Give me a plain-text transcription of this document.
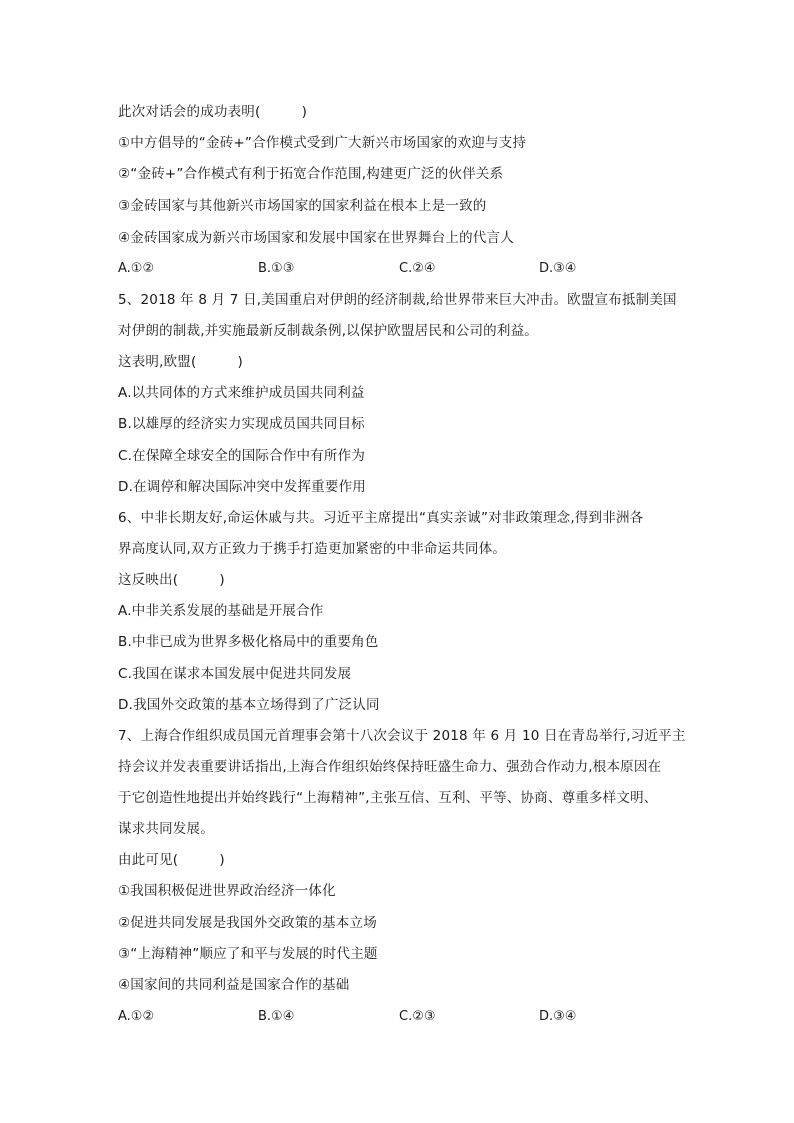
此次对话会的成功表明(　　　)
①中方倡导的“金砖+”合作模式受到广大新兴市场国家的欢迎与支持
②“金砖+”合作模式有利于拓宽合作范围,构建更广泛的伙伴关系
③金砖国家与其他新兴市场国家的国家利益在根本上是一致的
④金砖国家成为新兴市场国家和发展中国家在世界舞台上的代言人
A.①②	B.①③	C.②④	D.③④
5、2018 年 8 月 7 日,美国重启对伊朗的经济制裁,给世界带来巨大冲击。欧盟宣布抵制美国
对伊朗的制裁,并实施最新反制裁条例,以保护欧盟居民和公司的利益。
这表明,欧盟(　　　)
A.以共同体的方式来维护成员国共同利益
B.以雄厚的经济实力实现成员国共同目标
C.在保障全球安全的国际合作中有所作为
D.在调停和解决国际冲突中发挥重要作用
6、中非长期友好,命运休戚与共。习近平主席提出“真实亲诚”对非政策理念,得到非洲各
界高度认同,双方正致力于携手打造更加紧密的中非命运共同体。
这反映出(　　　)
A.中非关系发展的基础是开展合作
B.中非已成为世界多极化格局中的重要角色
C.我国在谋求本国发展中促进共同发展
D.我国外交政策的基本立场得到了广泛认同
7、上海合作组织成员国元首理事会第十八次会议于 2018 年 6 月 10 日在青岛举行,习近平主
持会议并发表重要讲话指出,上海合作组织始终保持旺盛生命力、强劲合作动力,根本原因在
于它创造性地提出并始终践行“上海精神”,主张互信、互利、平等、协商、尊重多样文明、
谋求共同发展。
由此可见(　　　)
①我国积极促进世界政治经济一体化
②促进共同发展是我国外交政策的基本立场
③“上海精神”顺应了和平与发展的时代主题
④国家间的共同利益是国家合作的基础
A.①②	B.①④	C.②③	D.③④
